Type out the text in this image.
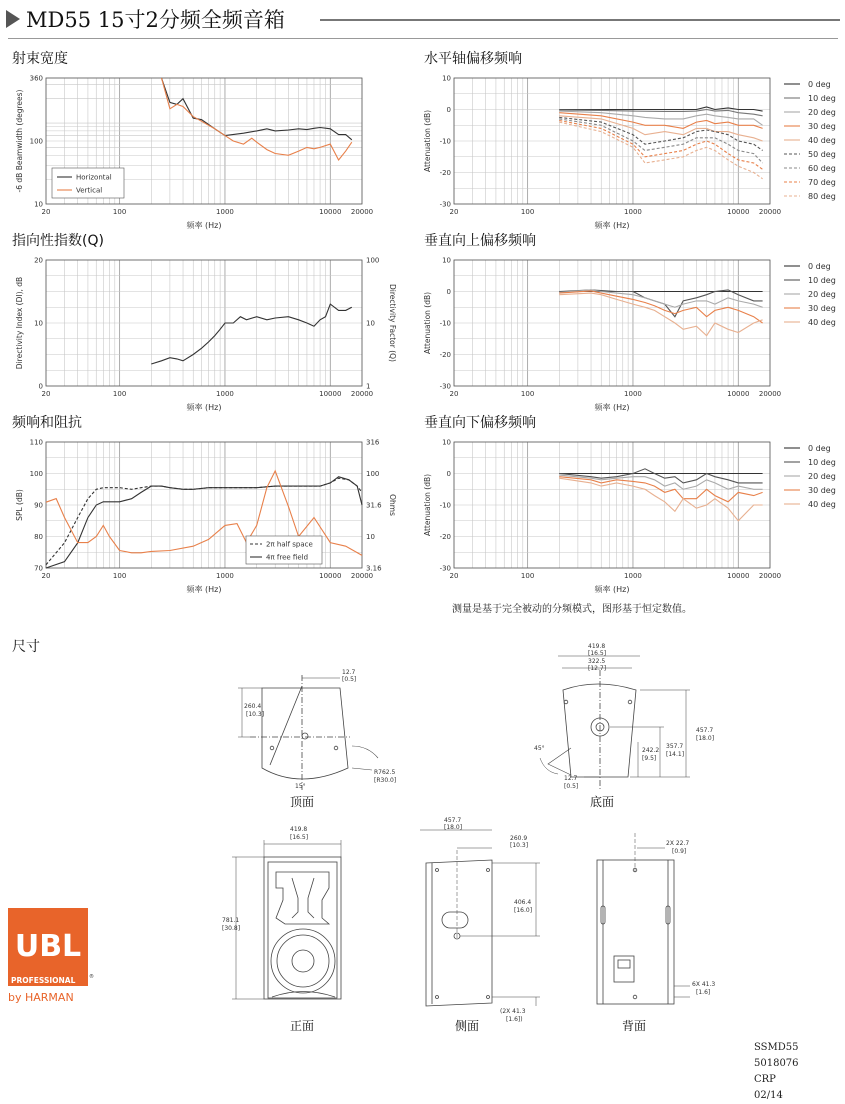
MD55 15寸2分频全频音箱
射束宽度	水平轴偏移频响
指向性指数(Q)	垂直向上偏移频响
频响和阻抗	垂直向下偏移频响
尺寸
20	100	1000	10000 20000
频率 (Hz)
360
100
10
-6 dB Beamwidth (degrees)	Horizontal
Vertical
20	100	1000	10000 20000
频率 (Hz)
10
0
-10
-20
-30
Attenuation (dB)
0 deg
10 deg
20 deg
30 deg
40 deg
50 deg
60 deg
70 deg
80 deg
20	100	1000	10000 20000
频率 (Hz)
20
10
0
100
10
1
Directivity Factor (Q)
Directivity Index (DI), dB
20	100	1000	10000 20000
频率 (Hz)
10
0
-10
-20
-30
Attenuation (dB)
0 deg
10 deg
20 deg
30 deg
40 deg
20	100	1000	10000 20000
频率 (Hz)
110
100
90
80
70
316
100
31.6
10
3.16
Ohms
SPL (dB)
2π half space
4π free field
20	100	1000	10000 20000
频率 (Hz)
10
0
-10
-20
-30
Attenuation (dB)
0 deg
10 deg
20 deg
30 deg
40 deg
测量是基于完全被动的分频模式，图形基于恒定数值。
260.4
[10.3]
12.7
[0.5]
15°
R762.5
[R30.0]
419.8
[16.5]
322.5
[12.7]
457.7
[18.0]
357.7
[14.1]
242.2
[9.5]
12.7
[0.5]
45°
419.8
[16.5]
781.1
[30.8]
457.7
[18.0]
260.9
[10.3]
406.4
[16.0]
(2X 41.3
[1.6])
2X 22.7
[0.9]
6X 41.3
[1.6]
顶面	底面
正面	侧面	背面
UBL
PROFESSIONAL	®
by HARMAN
SSMD55
5018076
CRP
02/14
